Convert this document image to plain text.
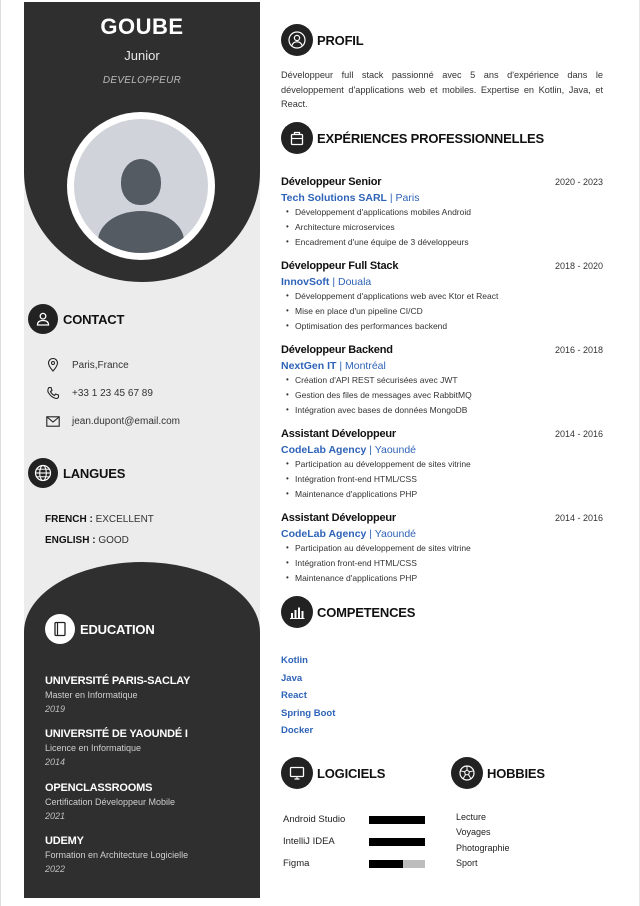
GOUBE
Junior
DEVELOPPEUR
CONTACT
Paris,France
+33 1 23 45 67 89
jean.dupont@email.com
LANGUES
FRENCH : EXCELLENT
ENGLISH : GOOD
EDUCATION
UNIVERSITÉ PARIS-SACLAY
Master en Informatique
2019
UNIVERSITÉ DE YAOUNDÉ I
Licence en Informatique
2014
OPENCLASSROOMS
Certification Développeur Mobile
2021
UDEMY
Formation en Architecture Logicielle
2022
PROFIL
Développeur full stack passionné avec 5 ans d'expérience dans le développement d'applications web et mobiles. Expertise en Kotlin, Java, et React.
EXPÉRIENCES PROFESSIONNELLES
Développeur Senior	2020 - 2023
Tech Solutions SARL | Paris
• Développement d'applications mobiles Android
• Architecture microservices
• Encadrement d'une équipe de 3 développeurs
Développeur Full Stack	2018 - 2020
InnovSoft | Douala
• Développement d'applications web avec Ktor et React
• Mise en place d'un pipeline CI/CD
• Optimisation des performances backend
Développeur Backend	2016 - 2018
NextGen IT | Montréal
• Création d'API REST sécurisées avec JWT
• Gestion des files de messages avec RabbitMQ
• Intégration avec bases de données MongoDB
Assistant Développeur	2014 - 2016
CodeLab Agency | Yaoundé
• Participation au développement de sites vitrine
• Intégration front-end HTML/CSS
• Maintenance d'applications PHP
Assistant Développeur	2014 - 2016
CodeLab Agency | Yaoundé
• Participation au développement de sites vitrine
• Intégration front-end HTML/CSS
• Maintenance d'applications PHP
COMPETENCES
Kotlin
Java
React
Spring Boot
Docker
LOGICIELS
Android Studio
IntelliJ IDEA
Figma
HOBBIES
Lecture
Voyages
Photographie
Sport
